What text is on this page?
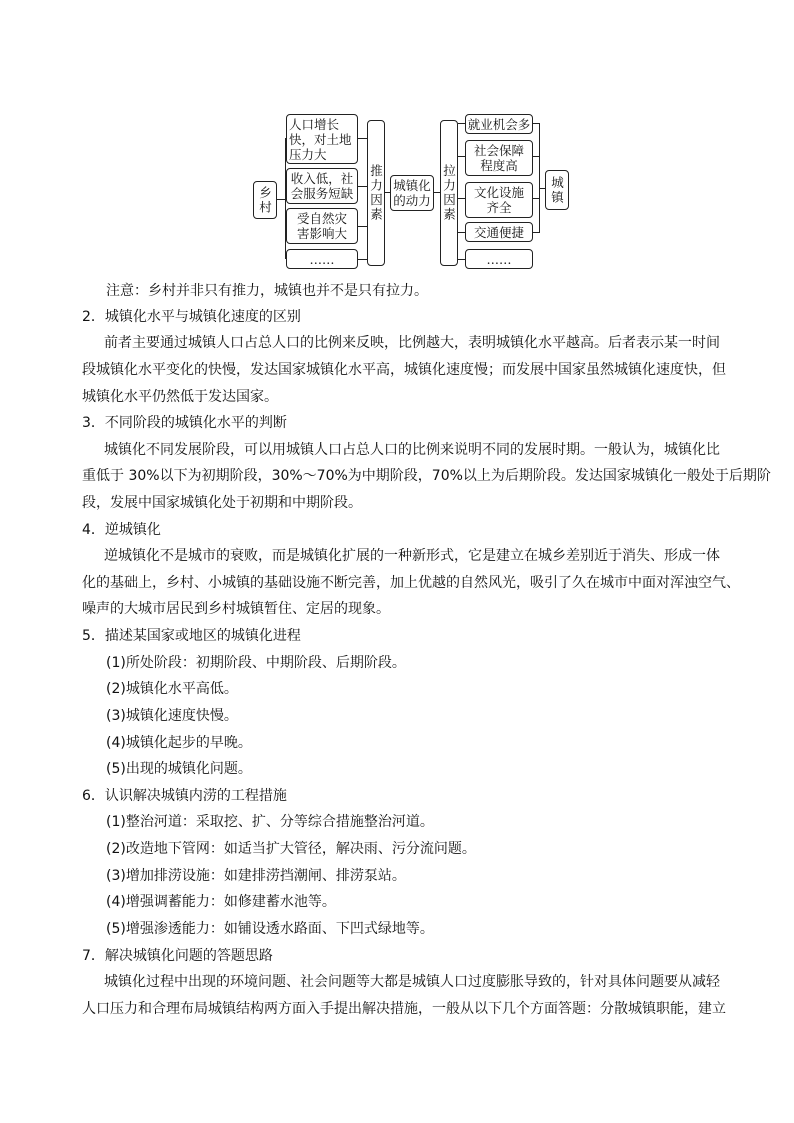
乡村
人口增长快，对土地压力大
收入低，社会服务短缺
受自然灾害影响大
……
推力因素 城镇化的动力 拉力因素
就业机会多
社会保障程度高
文化设施齐全
交通便捷
……
城镇
注意：乡村并非只有推力，城镇也并不是只有拉力。
2．城镇化水平与城镇化速度的区别
前者主要通过城镇人口占总人口的比例来反映，比例越大，表明城镇化水平越高。后者表示某一时间
段城镇化水平变化的快慢，发达国家城镇化水平高，城镇化速度慢；而发展中国家虽然城镇化速度快，但
城镇化水平仍然低于发达国家。
3．不同阶段的城镇化水平的判断
城镇化不同发展阶段，可以用城镇人口占总人口的比例来说明不同的发展时期。一般认为，城镇化比
重低于 30%以下为初期阶段，30%～70%为中期阶段，70%以上为后期阶段。发达国家城镇化一般处于后期阶
段，发展中国家城镇化处于初期和中期阶段。
4．逆城镇化
逆城镇化不是城市的衰败，而是城镇化扩展的一种新形式，它是建立在城乡差别近于消失、形成一体
化的基础上，乡村、小城镇的基础设施不断完善，加上优越的自然风光，吸引了久在城市中面对浑浊空气、
噪声的大城市居民到乡村城镇暂住、定居的现象。
5．描述某国家或地区的城镇化进程
(1)所处阶段：初期阶段、中期阶段、后期阶段。
(2)城镇化水平高低。
(3)城镇化速度快慢。
(4)城镇化起步的早晚。
(5)出现的城镇化问题。
6．认识解决城镇内涝的工程措施
(1)整治河道：采取挖、扩、分等综合措施整治河道。
(2)改造地下管网：如适当扩大管径，解决雨、污分流问题。
(3)增加排涝设施：如建排涝挡潮闸、排涝泵站。
(4)增强调蓄能力：如修建蓄水池等。
(5)增强渗透能力：如铺设透水路面、下凹式绿地等。
7．解决城镇化问题的答题思路
城镇化过程中出现的环境问题、社会问题等大都是城镇人口过度膨胀导致的，针对具体问题要从减轻
人口压力和合理布局城镇结构两方面入手提出解决措施，一般从以下几个方面答题：分散城镇职能，建立
